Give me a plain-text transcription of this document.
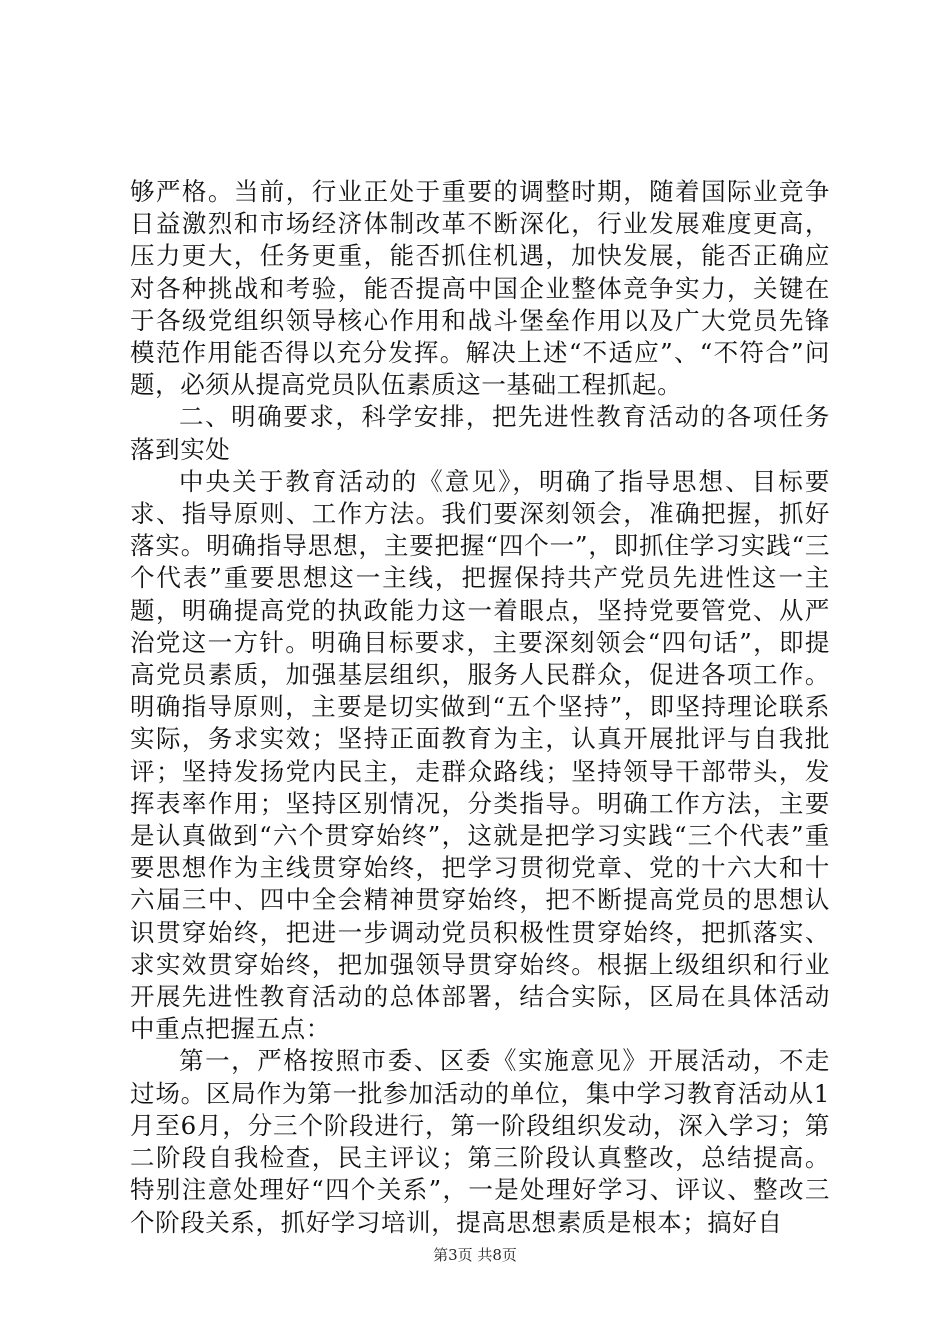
够严格。当前，行业正处于重要的调整时期，随着国际业竞争日益激烈和市场经济体制改革不断深化，行业发展难度更高，压力更大，任务更重，能否抓住机遇，加快发展，能否正确应对各种挑战和考验，能否提高中国企业整体竞争实力，关键在于各级党组织领导核心作用和战斗堡垒作用以及广大党员先锋模范作用能否得以充分发挥。解决上述“不适应”、“不符合”问题，必须从提高党员队伍素质这一基础工程抓起。

二、明确要求，科学安排，把先进性教育活动的各项任务落到实处

中央关于教育活动的《意见》，明确了指导思想、目标要求、指导原则、工作方法。我们要深刻领会，准确把握，抓好落实。明确指导思想，主要把握“四个一”，即抓住学习实践“三个代表”重要思想这一主线，把握保持共产党员先进性这一主题，明确提高党的执政能力这一着眼点，坚持党要管党、从严治党这一方针。明确目标要求，主要深刻领会“四句话”，即提高党员素质，加强基层组织，服务人民群众，促进各项工作。明确指导原则，主要是切实做到“五个坚持”，即坚持理论联系实际，务求实效；坚持正面教育为主，认真开展批评与自我批评；坚持发扬党内民主，走群众路线；坚持领导干部带头，发挥表率作用；坚持区别情况，分类指导。明确工作方法，主要是认真做到“六个贯穿始终”，这就是把学习实践“三个代表”重要思想作为主线贯穿始终，把学习贯彻党章、党的十六大和十六届三中、四中全会精神贯穿始终，把不断提高党员的思想认识贯穿始终，把进一步调动党员积极性贯穿始终，把抓落实、求实效贯穿始终，把加强领导贯穿始终。根据上级组织和行业开展先进性教育活动的总体部署，结合实际，区局在具体活动中重点把握五点：

第一，严格按照市委、区委《实施意见》开展活动，不走过场。区局作为第一批参加活动的单位，集中学习教育活动从1月至6月，分三个阶段进行，第一阶段组织发动，深入学习；第二阶段自我检查，民主评议；第三阶段认真整改，总结提高。特别注意处理好“四个关系”，一是处理好学习、评议、整改三个阶段关系，抓好学习培训，提高思想素质是根本；搞好自

第3页 共8页
